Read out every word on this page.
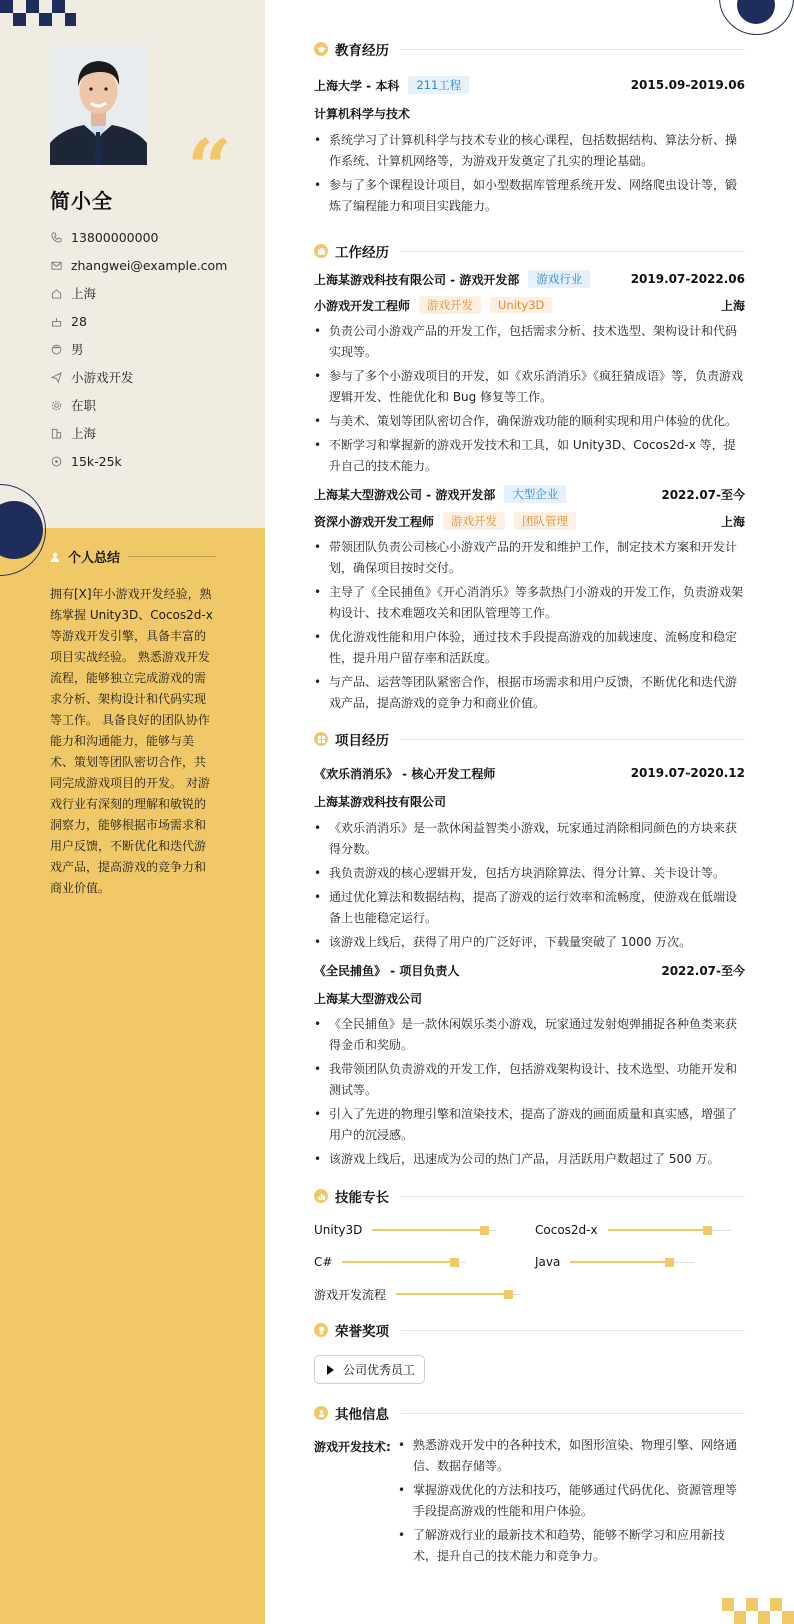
“
简小全
13800000000
zhangwei@example.com
上海
28
男
小游戏开发
在职
上海
15k-25k
个人总结
拥有[X]年小游戏开发经验，熟练掌握 Unity3D、Cocos2d-x 等游戏开发引擎，具备丰富的项目实战经验。 熟悉游戏开发流程，能够独立完成游戏的需求分析、架构设计和代码实现等工作。 具备良好的团队协作能力和沟通能力，能够与美术、策划等团队密切合作，共同完成游戏项目的开发。 对游戏行业有深刻的理解和敏锐的洞察力，能够根据市场需求和用户反馈，不断优化和迭代游戏产品，提高游戏的竞争力和商业价值。
教育经历
上海大学 - 本科	211工程	2015.09-2019.06
计算机科学与技术
• 系统学习了计算机科学与技术专业的核心课程，包括数据结构、算法分析、操作系统、计算机网络等，为游戏开发奠定了扎实的理论基础。
• 参与了多个课程设计项目，如小型数据库管理系统开发、网络爬虫设计等，锻炼了编程能力和项目实践能力。
工作经历
上海某游戏科技有限公司 - 游戏开发部	游戏行业	2019.07-2022.06
小游戏开发工程师	游戏开发	Unity3D	上海
• 负责公司小游戏产品的开发工作，包括需求分析、技术选型、架构设计和代码实现等。
• 参与了多个小游戏项目的开发，如《欢乐消消乐》《疯狂猜成语》等，负责游戏逻辑开发、性能优化和 Bug 修复等工作。
• 与美术、策划等团队密切合作，确保游戏功能的顺利实现和用户体验的优化。
• 不断学习和掌握新的游戏开发技术和工具，如 Unity3D、Cocos2d-x 等，提升自己的技术能力。
上海某大型游戏公司 - 游戏开发部	大型企业	2022.07-至今
资深小游戏开发工程师	游戏开发	团队管理	上海
• 带领团队负责公司核心小游戏产品的开发和维护工作，制定技术方案和开发计划，确保项目按时交付。
• 主导了《全民捕鱼》《开心消消乐》等多款热门小游戏的开发工作，负责游戏架构设计、技术难题攻关和团队管理等工作。
• 优化游戏性能和用户体验，通过技术手段提高游戏的加载速度、流畅度和稳定性，提升用户留存率和活跃度。
• 与产品、运营等团队紧密合作，根据市场需求和用户反馈，不断优化和迭代游戏产品，提高游戏的竞争力和商业价值。
项目经历
《欢乐消消乐》 - 核心开发工程师	2019.07-2020.12
上海某游戏科技有限公司
• 《欢乐消消乐》是一款休闲益智类小游戏，玩家通过消除相同颜色的方块来获得分数。
• 我负责游戏的核心逻辑开发，包括方块消除算法、得分计算、关卡设计等。
• 通过优化算法和数据结构，提高了游戏的运行效率和流畅度，使游戏在低端设备上也能稳定运行。
• 该游戏上线后，获得了用户的广泛好评，下载量突破了 1000 万次。
《全民捕鱼》 - 项目负责人	2022.07-至今
上海某大型游戏公司
• 《全民捕鱼》是一款休闲娱乐类小游戏，玩家通过发射炮弹捕捉各种鱼类来获得金币和奖励。
• 我带领团队负责游戏的开发工作，包括游戏架构设计、技术选型、功能开发和测试等。
• 引入了先进的物理引擎和渲染技术，提高了游戏的画面质量和真实感，增强了用户的沉浸感。
• 该游戏上线后，迅速成为公司的热门产品，月活跃用户数超过了 500 万。
技能专长
Unity3D	Cocos2d-x
C#	Java
游戏开发流程
荣誉奖项
公司优秀员工
其他信息
游戏开发技术:
•	熟悉游戏开发中的各种技术，如图形渲染、物理引擎、网络通信、数据存储等。
• 掌握游戏优化的方法和技巧，能够通过代码优化、资源管理等手段提高游戏的性能和用户体验。
• 了解游戏行业的最新技术和趋势，能够不断学习和应用新技术，提升自己的技术能力和竞争力。
